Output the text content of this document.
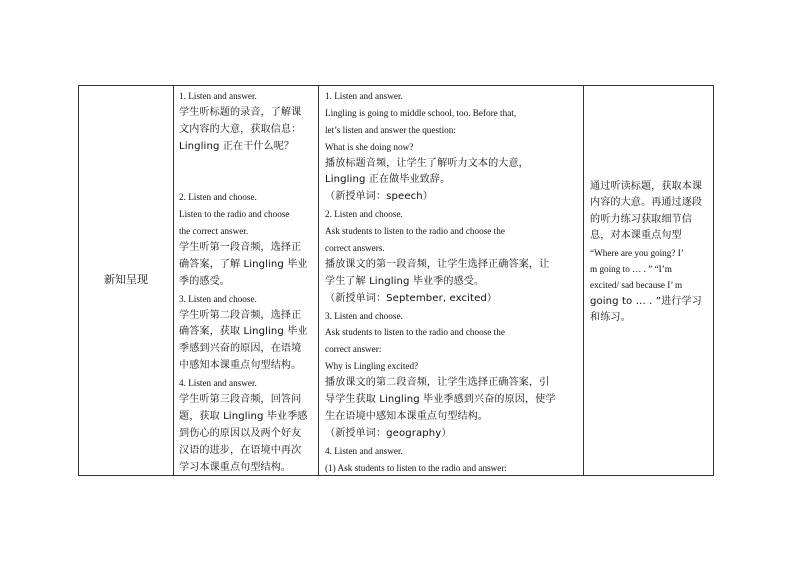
新知呈现
1. Listen and answer.
学生听标题的录音，了解课
文内容的大意，获取信息：
Lingling 正在干什么呢？
2. Listen and choose.
Listen to the radio and choose
the correct answer.
学生听第一段音频，选择正
确答案，了解 Lingling 毕业
季的感受。
3. Listen and choose.
学生听第二段音频，选择正
确答案，获取 Lingling 毕业
季感到兴奋的原因，在语境
中感知本课重点句型结构。
4. Listen and answer.
学生听第三段音频，回答问
题，获取 Lingling 毕业季感
到伤心的原因以及两个好友
汉语的进步，在语境中再次
学习本课重点句型结构。
1. Listen and answer.
Lingling is going to middle school, too. Before that,
let’s listen and answer the question:
What is she doing now?
播放标题音频，让学生了解听力文本的大意，
Lingling 正在做毕业致辞。
（新授单词：speech）
2. Listen and choose.
Ask students to listen to the radio and choose the
correct answers.
播放课文的第一段音频，让学生选择正确答案，让
学生了解 Lingling 毕业季的感受。
（新授单词：September, excited）
3. Listen and choose.
Ask students to listen to the radio and choose the
correct answer:
Why is Lingling excited?
播放课文的第二段音频，让学生选择正确答案，引
导学生获取 Lingling 毕业季感到兴奋的原因，使学
生在语境中感知本课重点句型结构。
（新授单词：geography）
4. Listen and answer.
(1) Ask students to listen to the radio and answer:
通过听读标题，获取本课
内容的大意。再通过逐段
的听力练习获取细节信
息，对本课重点句型
“Where are you going? I’
m going to … . ” “I’m
excited/ sad because I’ m
going to … . ”进行学习
和练习。
